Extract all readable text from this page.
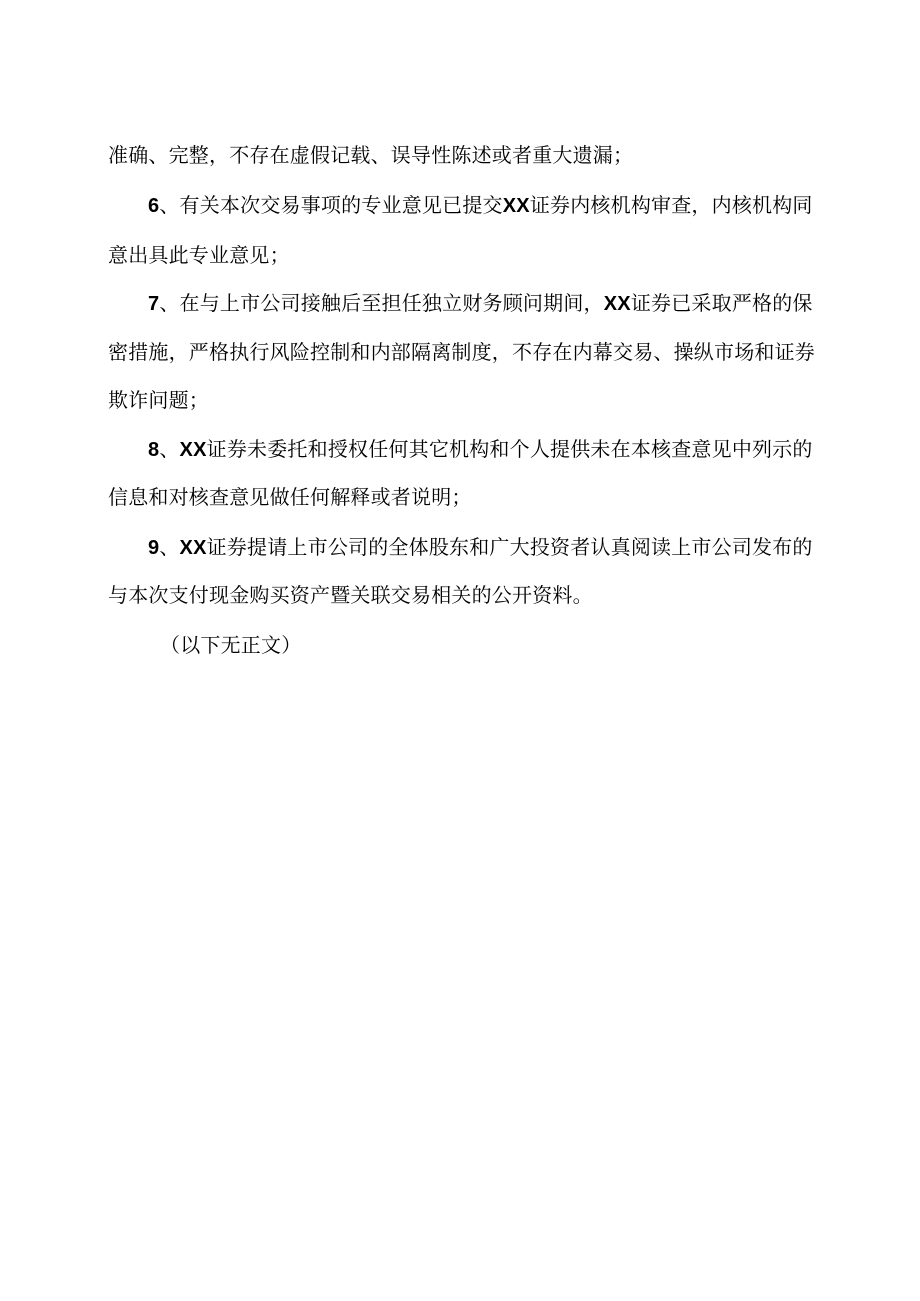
准确、完整，不存在虚假记载、误导性陈述或者重大遗漏；
6、有关本次交易事项的专业意见已提交XX证券内核机构审查，内核机构同
意出具此专业意见；
7、在与上市公司接触后至担任独立财务顾问期间，XX证券已采取严格的保
密措施，严格执行风险控制和内部隔离制度，不存在内幕交易、操纵市场和证券
欺诈问题；
8、XX证券未委托和授权任何其它机构和个人提供未在本核查意见中列示的
信息和对核查意见做任何解释或者说明；
9、XX证券提请上市公司的全体股东和广大投资者认真阅读上市公司发布的
与本次支付现金购买资产暨关联交易相关的公开资料。
（以下无正文）
